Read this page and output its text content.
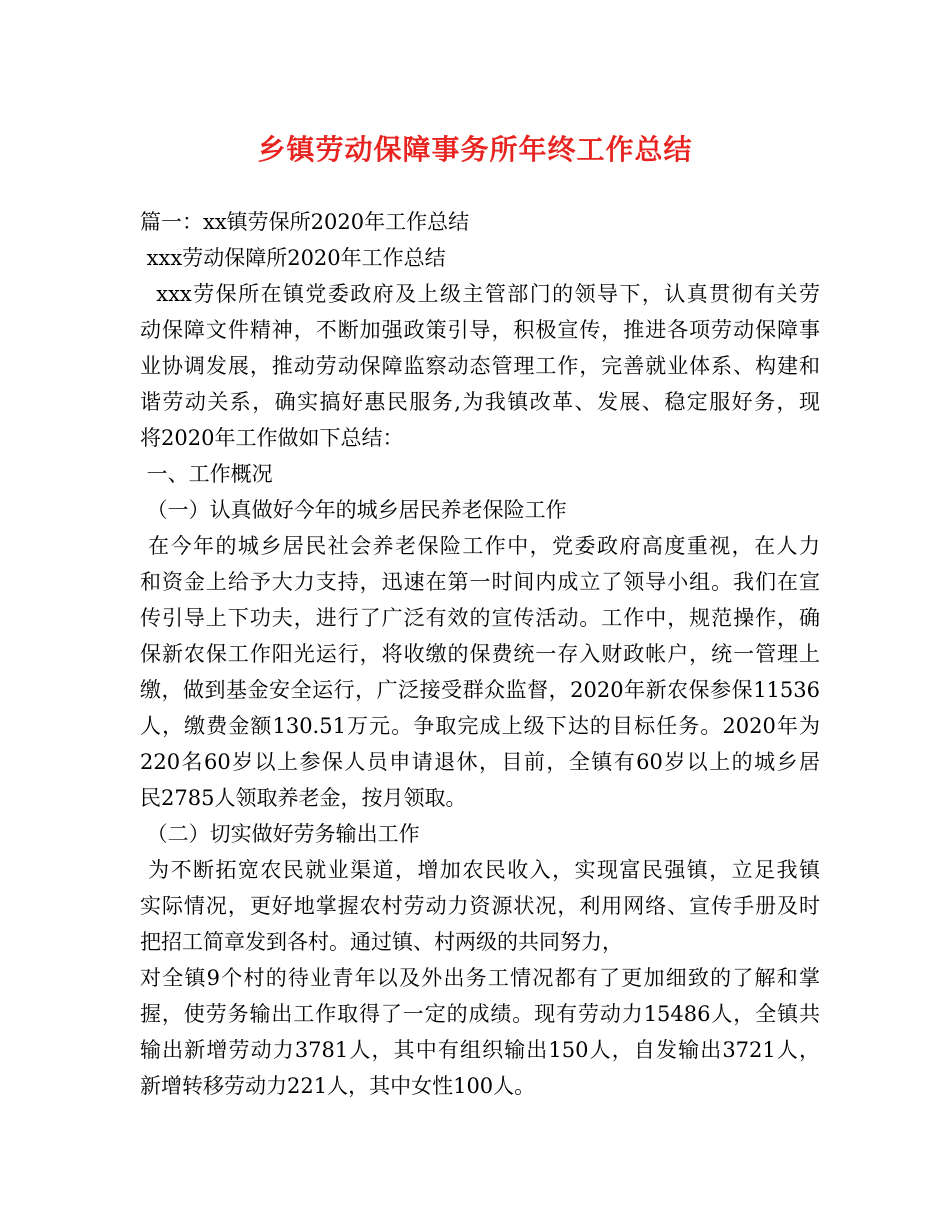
乡镇劳动保障事务所年终工作总结
篇一：xx镇劳保所2020年工作总结
xxx劳动保障所2020年工作总结
xxx劳保所在镇党委政府及上级主管部门的领导下，认真贯彻有关劳
动保障文件精神，不断加强政策引导，积极宣传，推进各项劳动保障事
业协调发展，推动劳动保障监察动态管理工作，完善就业体系、构建和
谐劳动关系，确实搞好惠民服务,为我镇改革、发展、稳定服好务，现
将2020年工作做如下总结：
一、工作概况
（一）认真做好今年的城乡居民养老保险工作
在今年的城乡居民社会养老保险工作中，党委政府高度重视，在人力
和资金上给予大力支持，迅速在第一时间内成立了领导小组。我们在宣
传引导上下功夫，进行了广泛有效的宣传活动。工作中，规范操作，确
保新农保工作阳光运行，将收缴的保费统一存入财政帐户，统一管理上
缴，做到基金安全运行，广泛接受群众监督，2020年新农保参保11536
人，缴费金额130.51万元。争取完成上级下达的目标任务。2020年为
220名60岁以上参保人员申请退休，目前，全镇有60岁以上的城乡居
民2785人领取养老金，按月领取。
（二）切实做好劳务输出工作
为不断拓宽农民就业渠道，增加农民收入，实现富民强镇，立足我镇
实际情况，更好地掌握农村劳动力资源状况，利用网络、宣传手册及时
把招工简章发到各村。通过镇、村两级的共同努力，
对全镇9个村的待业青年以及外出务工情况都有了更加细致的了解和掌
握，使劳务输出工作取得了一定的成绩。现有劳动力15486人，全镇共
输出新增劳动力3781人，其中有组织输出150人，自发输出3721人，
新增转移劳动力221人，其中女性100人。
